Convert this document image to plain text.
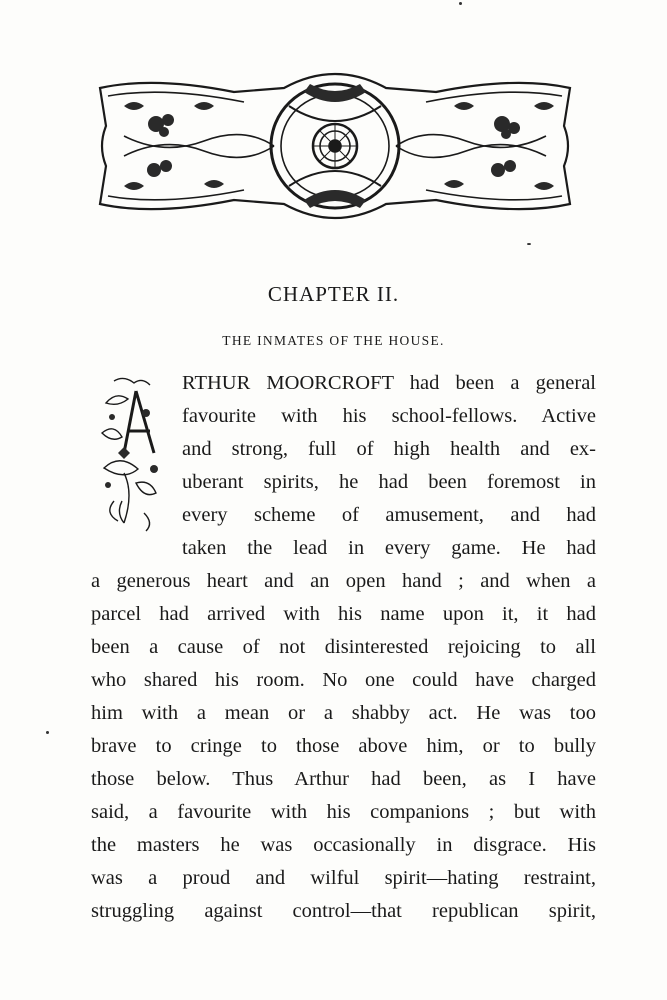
CHAPTER II.
THE INMATES OF THE HOUSE.
RTHUR MOORCROFT had been a general
favourite with his school-fellows. Active
and strong, full of high health and ex-
uberant spirits, he had been foremost in
every scheme of amusement, and had
taken the lead in every game. He had
a generous heart and an open hand ; and when a
parcel had arrived with his name upon it, it had
been a cause of not disinterested rejoicing to all
who shared his room. No one could have charged
him with a mean or a shabby act. He was too
brave to cringe to those above him, or to bully
those below. Thus Arthur had been, as I have
said, a favourite with his companions ; but with
the masters he was occasionally in disgrace. His
was a proud and wilful spirit—hating restraint,
struggling against control—that republican spirit,
